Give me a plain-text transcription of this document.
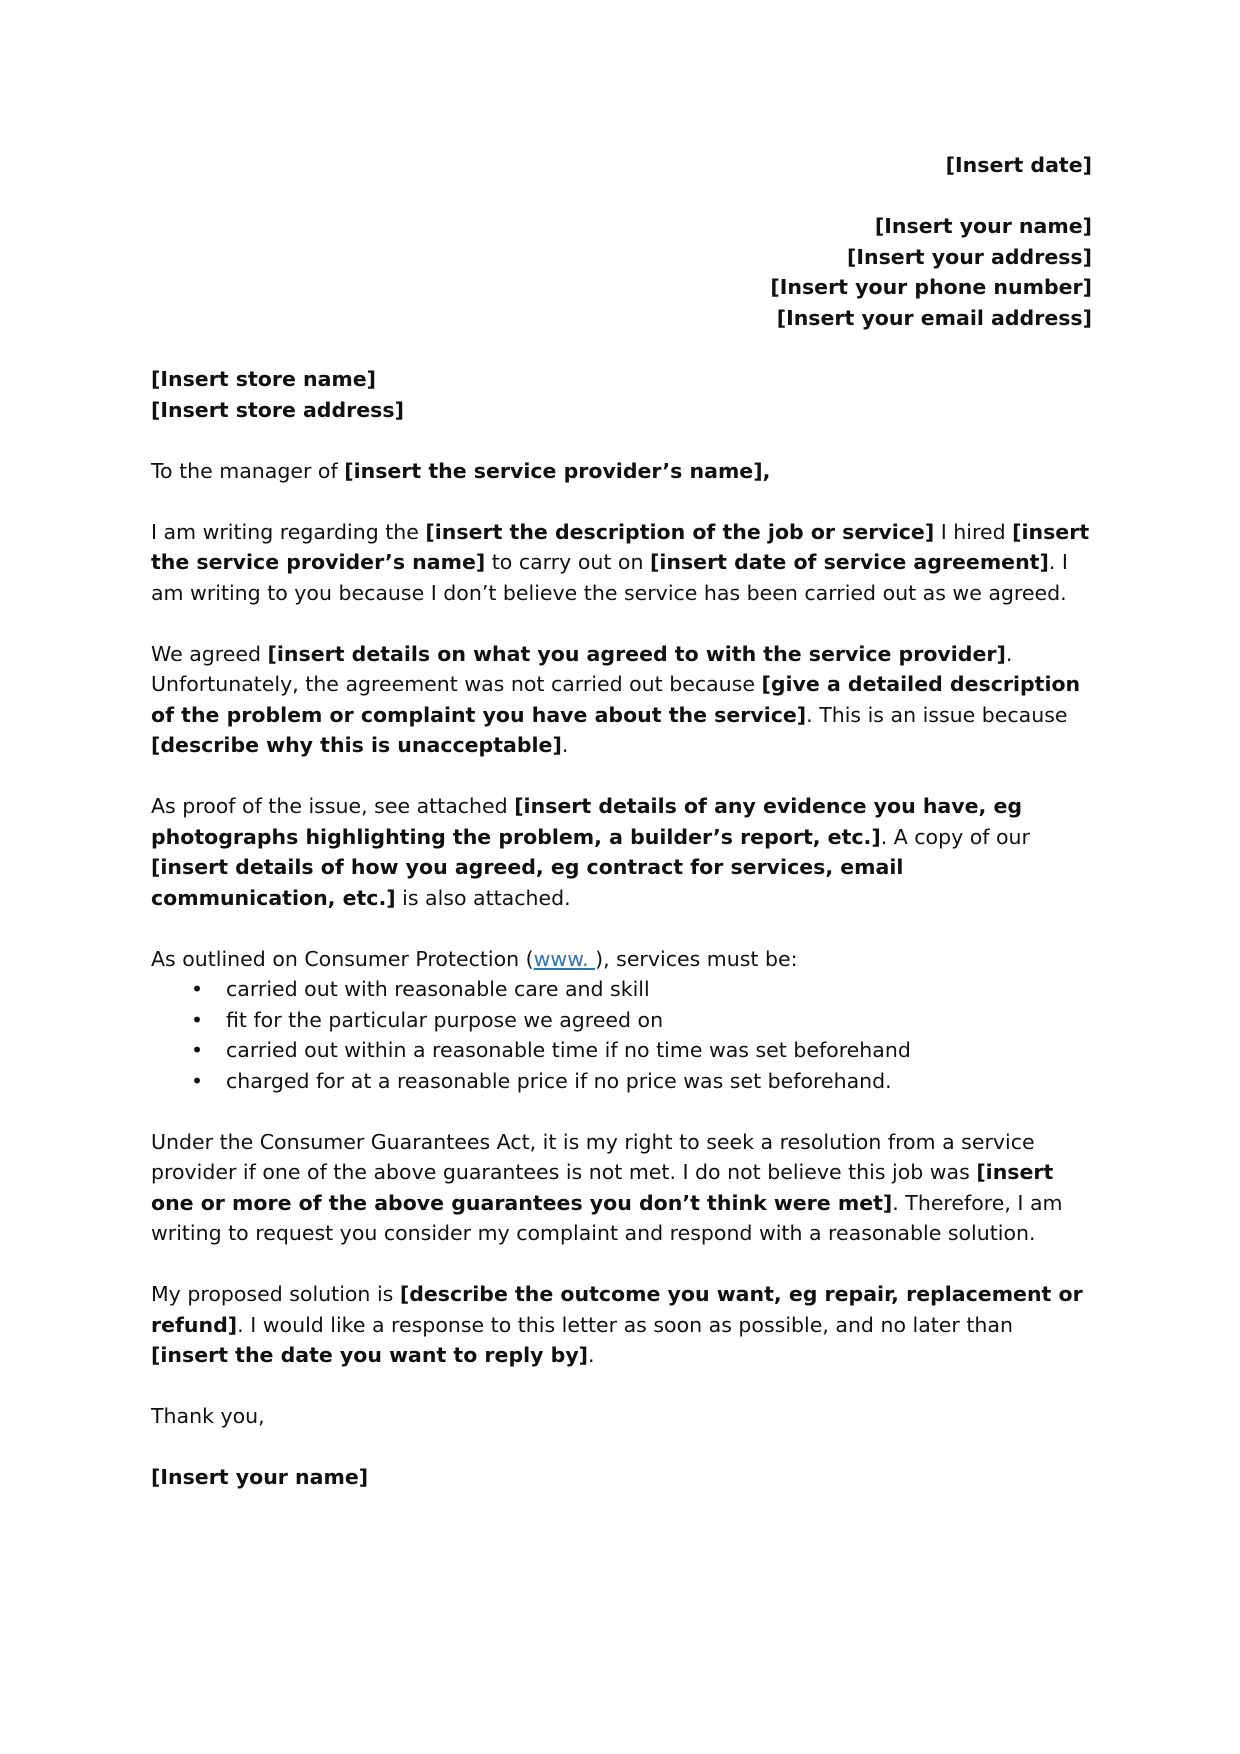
[Insert date]
[Insert your name]
[Insert your address]
[Insert your phone number]
[Insert your email address]

[Insert store name]
[Insert store address]

To the manager of [insert the service provider’s name],

I am writing regarding the [insert the description of the job or service] I hired [insert the service provider’s name] to carry out on [insert date of service agreement]. I am writing to you because I don’t believe the service has been carried out as we agreed.

We agreed [insert details on what you agreed to with the service provider]. Unfortunately, the agreement was not carried out because [give a detailed description of the problem or complaint you have about the service]. This is an issue because [describe why this is unacceptable].

As proof of the issue, see attached [insert details of any evidence you have, eg photographs highlighting the problem, a builder’s report, etc.]. A copy of our [insert details of how you agreed, eg contract for services, email communication, etc.] is also attached.

As outlined on Consumer Protection (www. ), services must be:

• carried out with reasonable care and skill
• fit for the particular purpose we agreed on
• carried out within a reasonable time if no time was set beforehand
• charged for at a reasonable price if no price was set beforehand.

Under the Consumer Guarantees Act, it is my right to seek a resolution from a service provider if one of the above guarantees is not met. I do not believe this job was [insert one or more of the above guarantees you don’t think were met]. Therefore, I am writing to request you consider my complaint and respond with a reasonable solution.

My proposed solution is [describe the outcome you want, eg repair, replacement or refund]. I would like a response to this letter as soon as possible, and no later than [insert the date you want to reply by].

Thank you,

[Insert your name]
